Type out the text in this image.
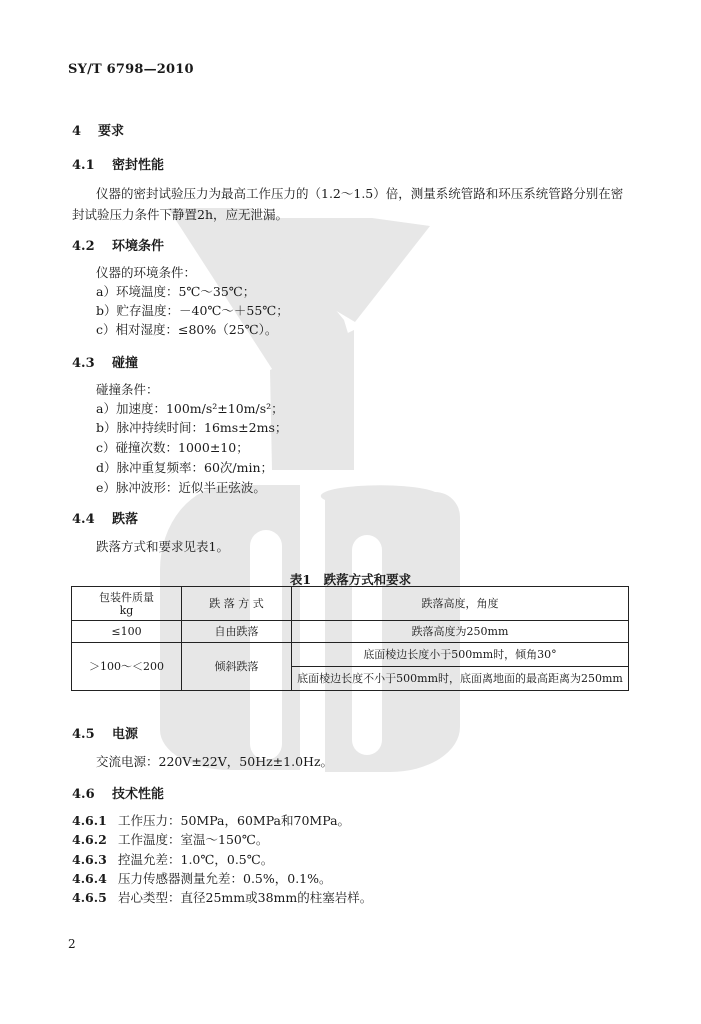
SY/T 6798—2010
4 要求
4.1 密封性能
仪器的密封试验压力为最高工作压力的（1.2～1.5）倍，测量系统管路和环压系统管路分别在密
封试验压力条件下静置2h，应无泄漏。
4.2 环境条件
仪器的环境条件：
a）环境温度：5℃～35℃；
b）贮存温度：－40℃～＋55℃；
c）相对湿度：≤80%（25℃）。
4.3 碰撞
碰撞条件：
a）加速度：100m/s²±10m/s²；
b）脉冲持续时间：16ms±2ms；
c）碰撞次数：1000±10；
d）脉冲重复频率：60次/min；
e）脉冲波形：近似半正弦波。
4.4 跌落
跌落方式和要求见表1。
表1　跌落方式和要求
包装件质量
kg	跌 落 方 式	跌落高度，角度
≤100	自由跌落	跌落高度为250mm
＞100～＜200	倾斜跌落	底面棱边长度小于500mm时，倾角30°
		底面棱边长度不小于500mm时，底面离地面的最高距离为250mm
4.5 电源
交流电源：220V±22V，50Hz±1.0Hz。
4.6 技术性能
4.6.1 工作压力：50MPa，60MPa和70MPa。
4.6.2 工作温度：室温～150℃。
4.6.3 控温允差：1.0℃，0.5℃。
4.6.4 压力传感器测量允差：0.5%，0.1%。
4.6.5 岩心类型：直径25mm或38mm的柱塞岩样。
2
